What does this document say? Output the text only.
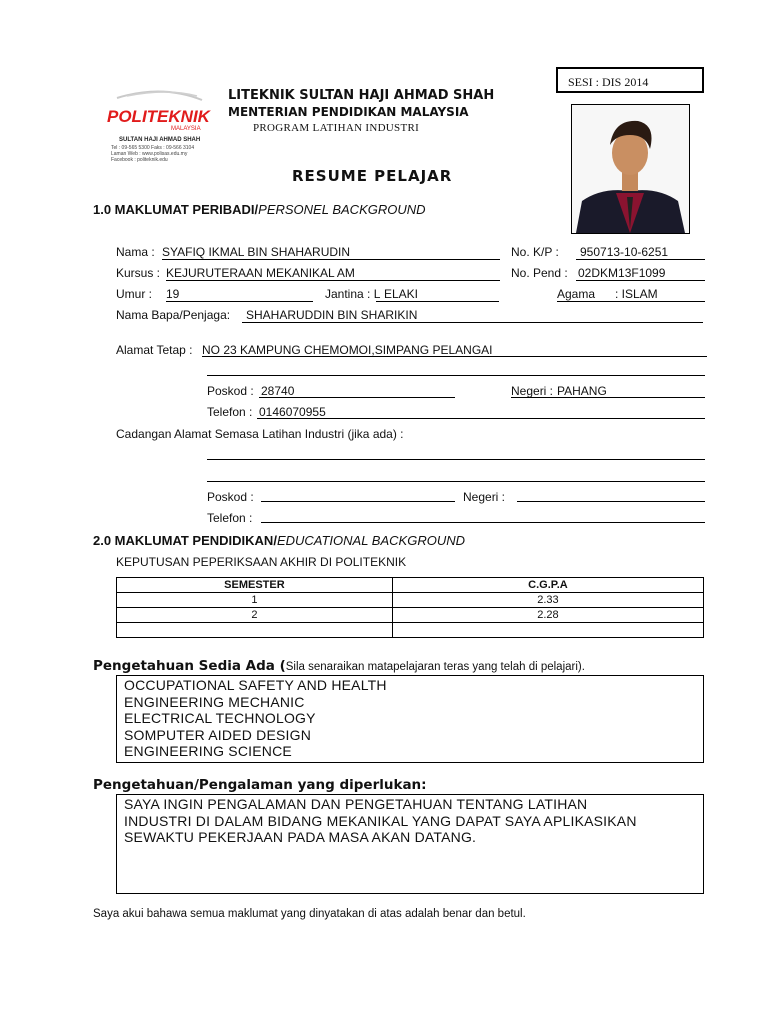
SESI : DIS 2014
POLITEKNIK
MALAYSIA
SULTAN HAJI AHMAD SHAH
Tel : 09-565 5300 Faks : 09-566 3104
Laman Web : www.polisas.edu.my
Facebook : politeknik.edu
LITEKNIK SULTAN HAJI AHMAD SHAH
MENTERIAN PENDIDIKAN MALAYSIA
PROGRAM LATIHAN INDUSTRI
RESUME PELAJAR
1.0 MAKLUMAT PERIBADI/PERSONEL BACKGROUND
Nama : SYAFIQ IKMAL BIN SHAHARUDIN	No. K/P : 950713-10-6251
Kursus : KEJURUTERAAN MEKANIKAL AM	No. Pend : 02DKM13F1099
Umur : 19	Jantina : L ELAKI	Agama : ISLAM
Nama Bapa/Penjaga: SHAHARUDDIN BIN SHARIKIN
Alamat Tetap : NO 23 KAMPUNG CHEMOMOI,SIMPANG PELANGAI
Poskod : 28740	Negeri : PAHANG
Telefon : 0146070955
Cadangan Alamat Semasa Latihan Industri (jika ada) :
Poskod :	Negeri :
Telefon :
2.0 MAKLUMAT PENDIDIKAN/EDUCATIONAL BACKGROUND
KEPUTUSAN PEPERIKSAAN AKHIR DI POLITEKNIK
SEMESTER	C.G.P.A
1	2.33
2	2.28

Pengetahuan Sedia Ada (Sila senaraikan matapelajaran teras yang telah di pelajari).
OCCUPATIONAL SAFETY AND HEALTH
ENGINEERING MECHANIC
ELECTRICAL TECHNOLOGY
SOMPUTER AIDED DESIGN
ENGINEERING SCIENCE
Pengetahuan/Pengalaman yang diperlukan:
SAYA INGIN PENGALAMAN DAN PENGETAHUAN TENTANG LATIHAN
INDUSTRI DI DALAM BIDANG MEKANIKAL YANG DAPAT SAYA APLIKASIKAN
SEWAKTU PEKERJAAN PADA MASA AKAN DATANG.
Saya akui bahawa semua maklumat yang dinyatakan di atas adalah benar dan betul.
